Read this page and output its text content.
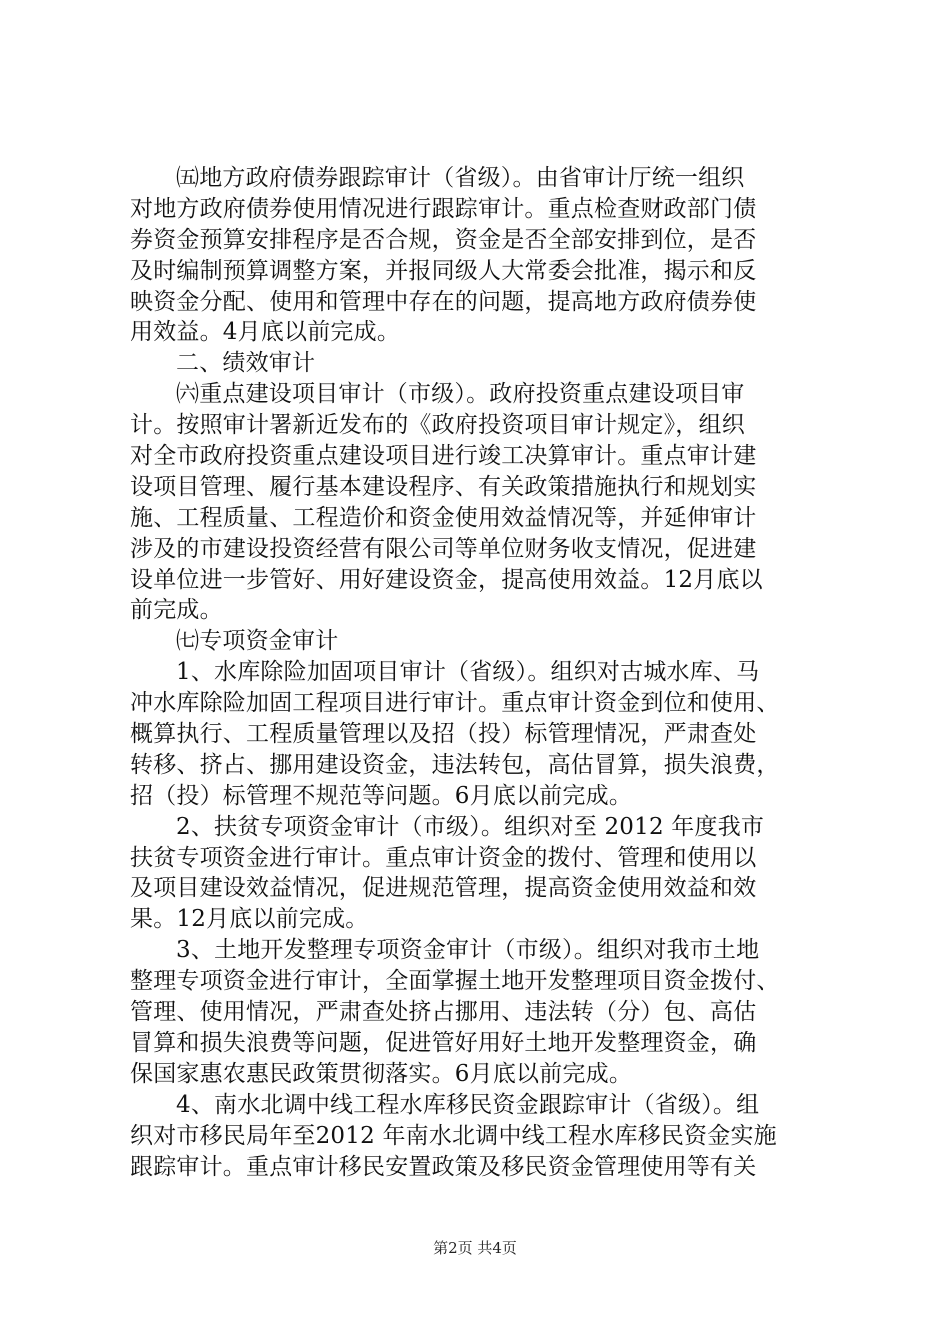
㈤地方政府债券跟踪审计（省级）。由省审计厅统一组织
对地方政府债券使用情况进行跟踪审计。重点检查财政部门债
券资金预算安排程序是否合规，资金是否全部安排到位，是否
及时编制预算调整方案，并报同级人大常委会批准，揭示和反
映资金分配、使用和管理中存在的问题，提高地方政府债券使
用效益。4月底以前完成。
二、绩效审计
㈥重点建设项目审计（市级）。政府投资重点建设项目审
计。按照审计署新近发布的《政府投资项目审计规定》，组织
对全市政府投资重点建设项目进行竣工决算审计。重点审计建
设项目管理、履行基本建设程序、有关政策措施执行和规划实
施、工程质量、工程造价和资金使用效益情况等，并延伸审计
涉及的市建设投资经营有限公司等单位财务收支情况，促进建
设单位进一步管好、用好建设资金，提高使用效益。12月底以
前完成。
㈦专项资金审计
1、水库除险加固项目审计（省级）。组织对古城水库、马
冲水库除险加固工程项目进行审计。重点审计资金到位和使用、
概算执行、工程质量管理以及招（投）标管理情况，严肃查处
转移、挤占、挪用建设资金，违法转包，高估冒算，损失浪费，
招（投）标管理不规范等问题。6月底以前完成。
2、扶贫专项资金审计（市级）。组织对至 2012 年度我市
扶贫专项资金进行审计。重点审计资金的拨付、管理和使用以
及项目建设效益情况，促进规范管理，提高资金使用效益和效
果。12月底以前完成。
3、土地开发整理专项资金审计（市级）。组织对我市土地
整理专项资金进行审计，全面掌握土地开发整理项目资金拨付、
管理、使用情况，严肃查处挤占挪用、违法转（分）包、高估
冒算和损失浪费等问题，促进管好用好土地开发整理资金，确
保国家惠农惠民政策贯彻落实。6月底以前完成。
4、南水北调中线工程水库移民资金跟踪审计（省级）。组
织对市移民局年至2012 年南水北调中线工程水库移民资金实施
跟踪审计。重点审计移民安置政策及移民资金管理使用等有关
第2页 共4页
